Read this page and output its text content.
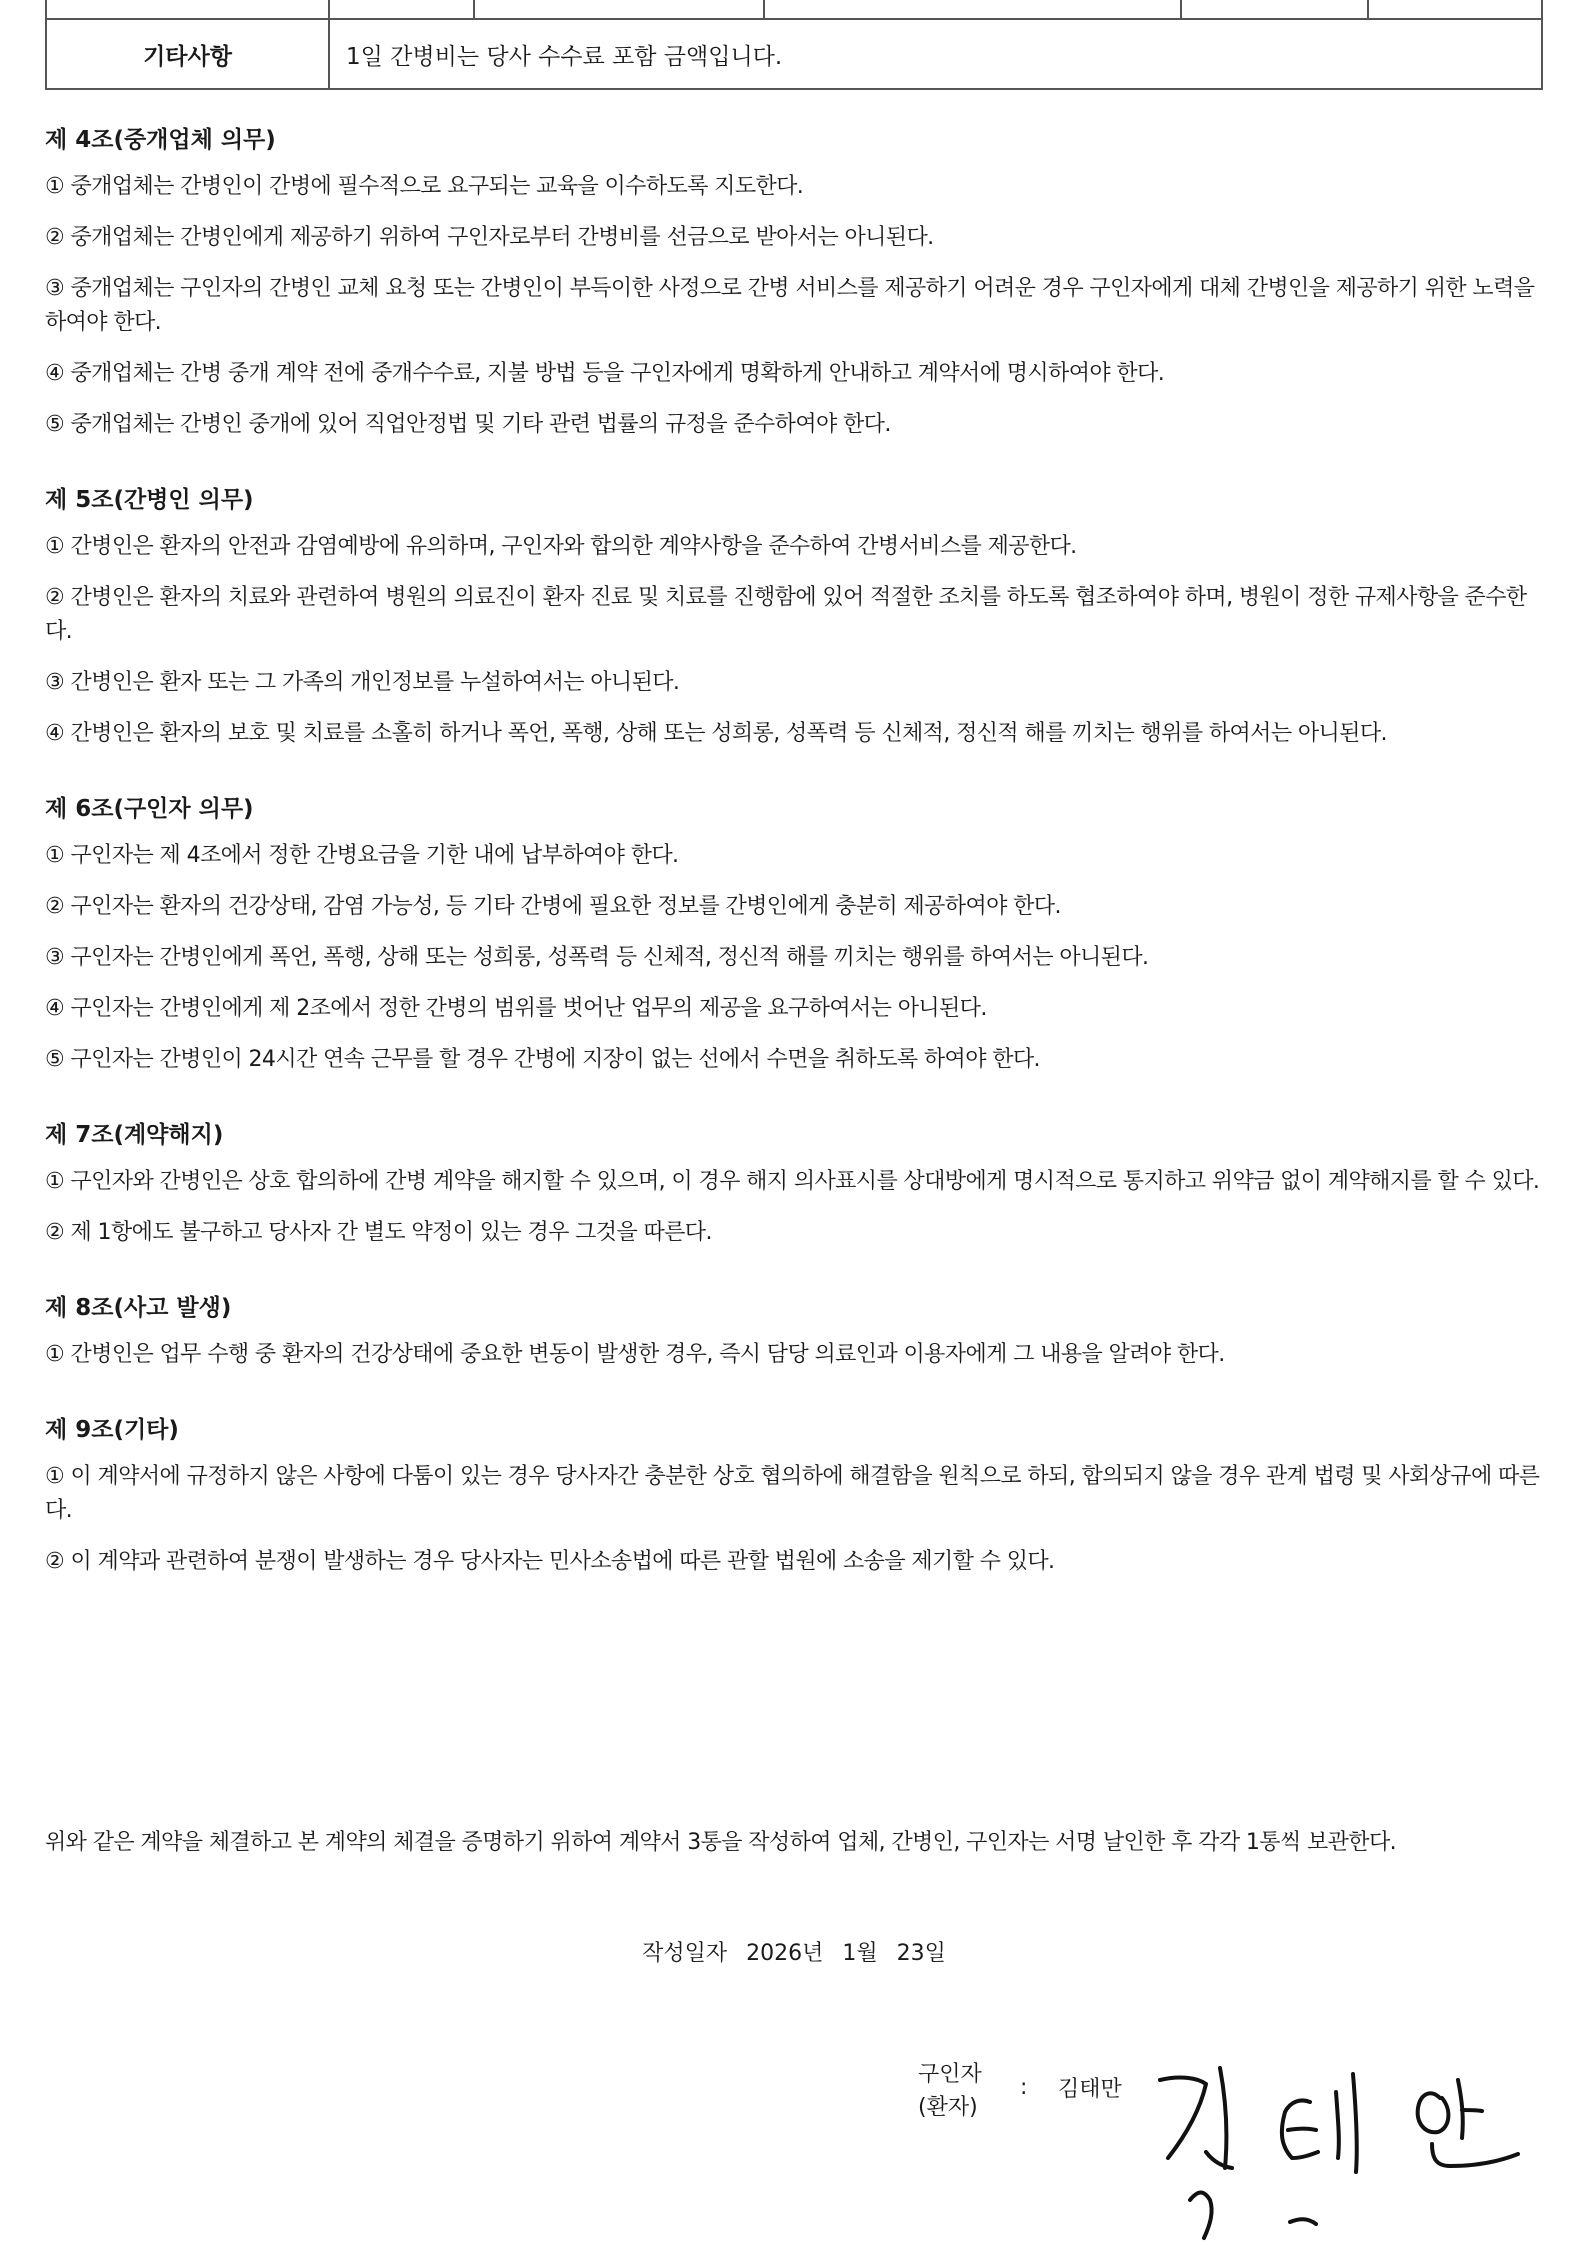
기타사항	1일 간병비는 당사 수수료 포함 금액입니다.				
제 4조(중개업체 의무)

① 중개업체는 간병인이 간병에 필수적으로 요구되는 교육을 이수하도록 지도한다.

② 중개업체는 간병인에게 제공하기 위하여 구인자로부터 간병비를 선금으로 받아서는 아니된다.

③ 중개업체는 구인자의 간병인 교체 요청 또는 간병인이 부득이한 사정으로 간병 서비스를 제공하기 어려운 경우 구인자에게 대체 간병인을 제공하기 위한 노력을 하여야 한다.

④ 중개업체는 간병 중개 계약 전에 중개수수료, 지불 방법 등을 구인자에게 명확하게 안내하고 계약서에 명시하여야 한다.

⑤ 중개업체는 간병인 중개에 있어 직업안정법 및 기타 관련 법률의 규정을 준수하여야 한다.

제 5조(간병인 의무)

① 간병인은 환자의 안전과 감염예방에 유의하며, 구인자와 합의한 계약사항을 준수하여 간병서비스를 제공한다.

② 간병인은 환자의 치료와 관련하여 병원의 의료진이 환자 진료 및 치료를 진행함에 있어 적절한 조치를 하도록 협조하여야 하며, 병원이 정한 규제사항을 준수한다.

③ 간병인은 환자 또는 그 가족의 개인정보를 누설하여서는 아니된다.

④ 간병인은 환자의 보호 및 치료를 소홀히 하거나 폭언, 폭행, 상해 또는 성희롱, 성폭력 등 신체적, 정신적 해를 끼치는 행위를 하여서는 아니된다.

제 6조(구인자 의무)

① 구인자는 제 4조에서 정한 간병요금을 기한 내에 납부하여야 한다.

② 구인자는 환자의 건강상태, 감염 가능성, 등 기타 간병에 필요한 정보를 간병인에게 충분히 제공하여야 한다.

③ 구인자는 간병인에게 폭언, 폭행, 상해 또는 성희롱, 성폭력 등 신체적, 정신적 해를 끼치는 행위를 하여서는 아니된다.

④ 구인자는 간병인에게 제 2조에서 정한 간병의 범위를 벗어난 업무의 제공을 요구하여서는 아니된다.

⑤ 구인자는 간병인이 24시간 연속 근무를 할 경우 간병에 지장이 없는 선에서 수면을 취하도록 하여야 한다.

제 7조(계약해지)

① 구인자와 간병인은 상호 합의하에 간병 계약을 해지할 수 있으며, 이 경우 해지 의사표시를 상대방에게 명시적으로 통지하고 위약금 없이 계약해지를 할 수 있다.

② 제 1항에도 불구하고 당사자 간 별도 약정이 있는 경우 그것을 따른다.

제 8조(사고 발생)

① 간병인은 업무 수행 중 환자의 건강상태에 중요한 변동이 발생한 경우, 즉시 담당 의료인과 이용자에게 그 내용을 알려야 한다.

제 9조(기타)

① 이 계약서에 규정하지 않은 사항에 다툼이 있는 경우 당사자간 충분한 상호 협의하에 해결함을 원칙으로 하되, 합의되지 않을 경우 관계 법령 및 사회상규에 따른다.

② 이 계약과 관련하여 분쟁이 발생하는 경우 당사자는 민사소송법에 따른 관할 법원에 소송을 제기할 수 있다.

위와 같은 계약을 체결하고 본 계약의 체결을 증명하기 위하여 계약서 3통을 작성하여 업체, 간병인, 구인자는 서명 날인한 후 각각 1통씩 보관한다.
작성일자 2026년 1월 23일
구인자
(환자)
: 김태만
